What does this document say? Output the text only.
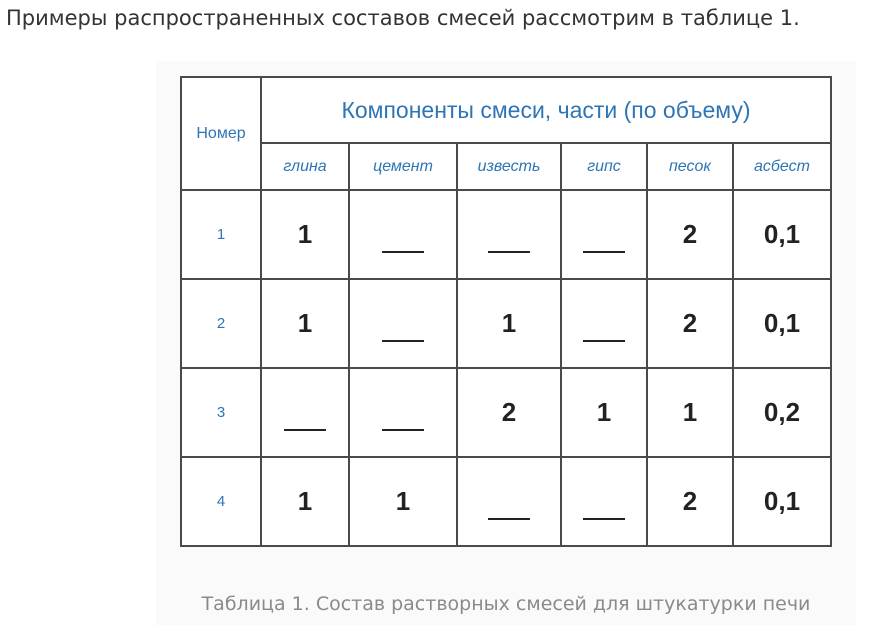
Примеры распространенных составов смесей рассмотрим в таблице 1.

Номер	Компоненты смеси, части (по объему)					
	глина	цемент	известь	гипс	песок	асбест
1	1				2	0,1
2	1		1		2	0,1
3			2	1	1	0,2
4	1	1			2	0,1

Таблица 1. Состав растворных смесей для штукатурки печи
